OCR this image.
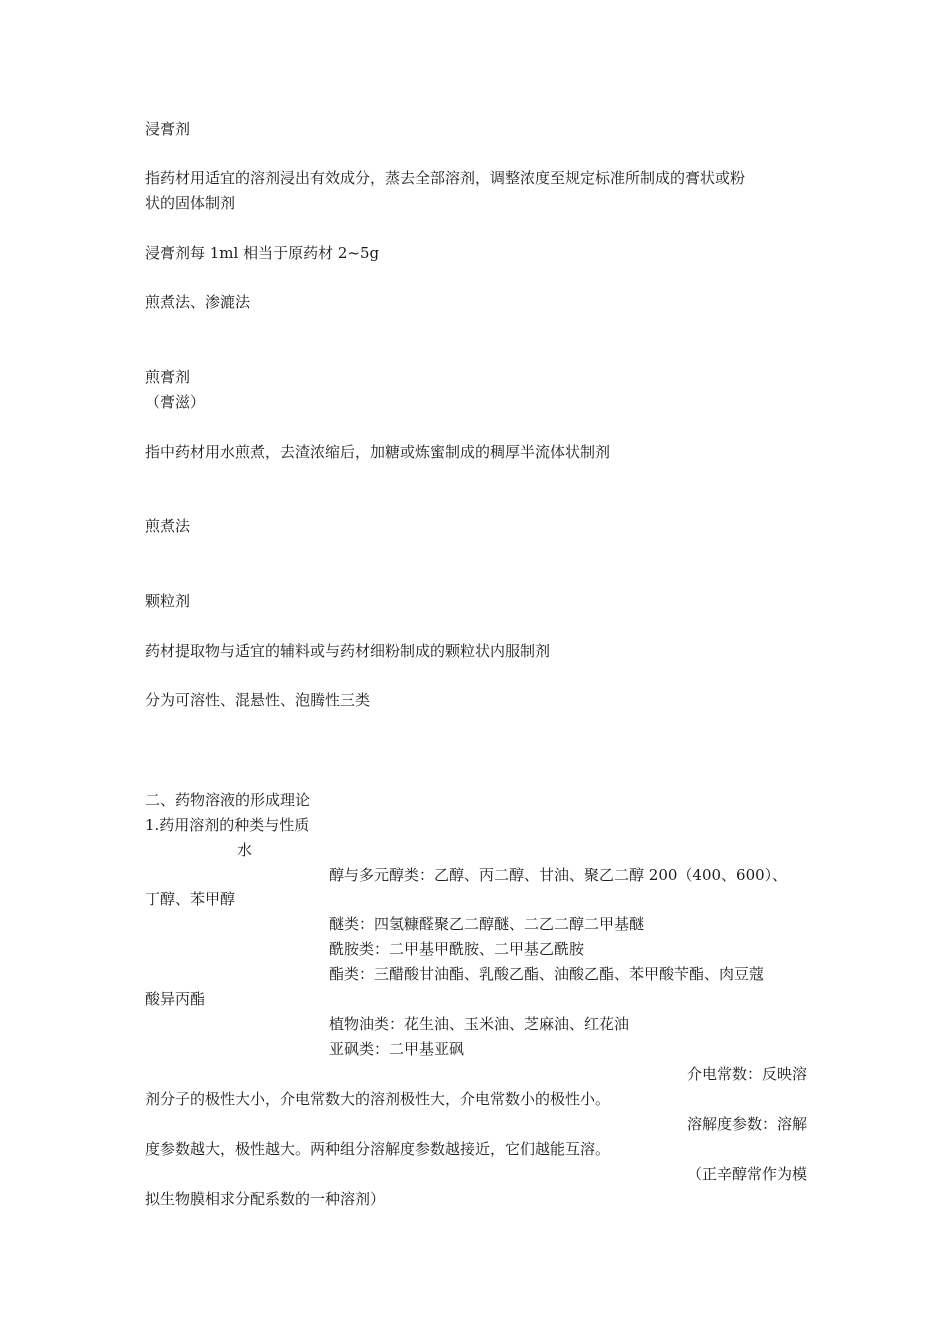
浸膏剂
指药材用适宜的溶剂浸出有效成分，蒸去全部溶剂，调整浓度至规定标准所制成的膏状或粉
状的固体制剂
浸膏剂每 1ml 相当于原药材 2~5g
煎煮法、渗漉法
煎膏剂
（膏滋）
指中药材用水煎煮，去渣浓缩后，加糖或炼蜜制成的稠厚半流体状制剂
煎煮法
颗粒剂
药材提取物与适宜的辅料或与药材细粉制成的颗粒状内服制剂
分为可溶性、混悬性、泡腾性三类
二、药物溶液的形成理论
1.药用溶剂的种类与性质
水
醇与多元醇类：乙醇、丙二醇、甘油、聚乙二醇 200（400、600）、
丁醇、苯甲醇
醚类：四氢糠醛聚乙二醇醚、二乙二醇二甲基醚
酰胺类：二甲基甲酰胺、二甲基乙酰胺
酯类：三醋酸甘油酯、乳酸乙酯、油酸乙酯、苯甲酸苄酯、肉豆蔻
酸异丙酯
植物油类：花生油、玉米油、芝麻油、红花油
亚砜类：二甲基亚砜
介电常数：反映溶
剂分子的极性大小，介电常数大的溶剂极性大，介电常数小的极性小。
溶解度参数：溶解
度参数越大，极性越大。两种组分溶解度参数越接近，它们越能互溶。
（正辛醇常作为模
拟生物膜相求分配系数的一种溶剂）
